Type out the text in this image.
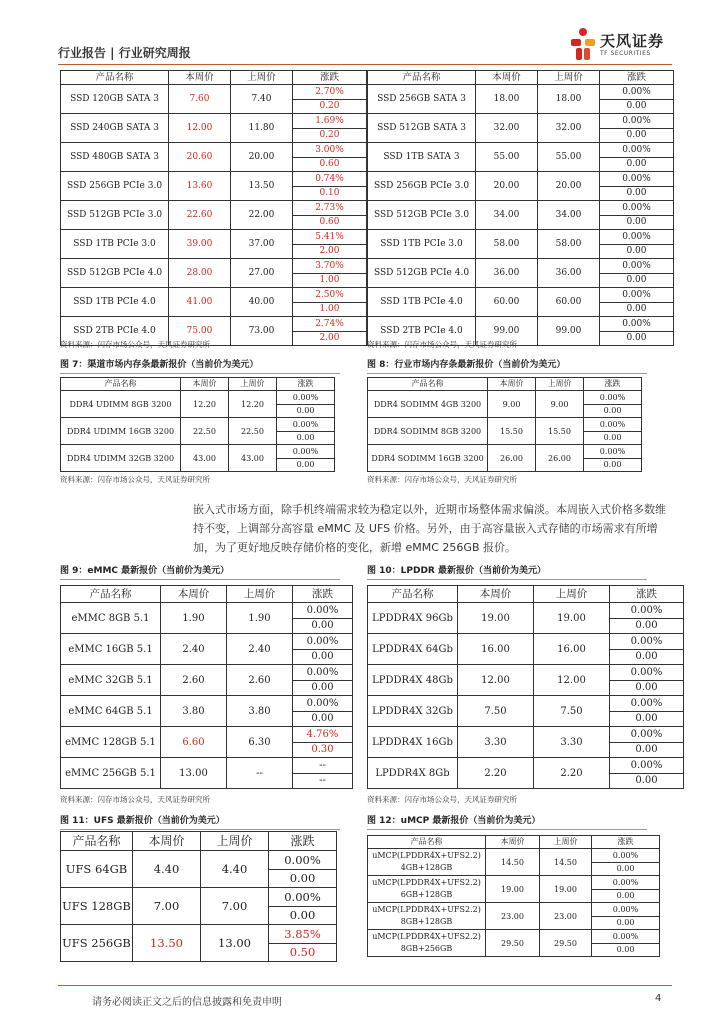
行业报告 | 行业研究周报
天风证券
TF SECURITIES
产品名称	本周价	上周价	涨跌
SSD 120GB SATA 3	7.60	7.40	2.70%
0.20

SSD 240GB SATA 3	12.00	11.80	1.69%
0.20

SSD 480GB SATA 3	20.60	20.00	3.00%
0.60

SSD 256GB PCIe 3.0	13.60	13.50	0.74%
0.10

SSD 512GB PCIe 3.0	22.60	22.00	2.73%
0.60

SSD 1TB PCIe 3.0	39.00	37.00	5.41%
2.00

SSD 512GB PCIe 4.0	28.00	27.00	3.70%
1.00

SSD 1TB PCIe 4.0	41.00	40.00	2.50%
1.00

SSD 2TB PCIe 4.0	75.00	73.00	2.74%
2.00
资料来源：闪存市场公众号，天风证券研究所
产品名称	本周价	上周价	涨跌
SSD 256GB SATA 3	18.00	18.00	0.00%
0.00

SSD 512GB SATA 3	32.00	32.00	0.00%
0.00

SSD 1TB SATA 3	55.00	55.00	0.00%
0.00

SSD 256GB PCIe 3.0	20.00	20.00	0.00%
0.00

SSD 512GB PCIe 3.0	34.00	34.00	0.00%
0.00

SSD 1TB PCIe 3.0	58.00	58.00	0.00%
0.00

SSD 512GB PCIe 4.0	36.00	36.00	0.00%
0.00

SSD 1TB PCIe 4.0	60.00	60.00	0.00%
0.00

SSD 2TB PCIe 4.0	99.00	99.00	0.00%
0.00
资料来源：闪存市场公众号，天风证券研究所
图 7：渠道市场内存条最新报价（当前价为美元）
产品名称	本周价	上周价	涨跌
DDR4 UDIMM 8GB 3200	12.20	12.20	0.00%
0.00

DDR4 UDIMM 16GB 3200	22.50	22.50	0.00%
0.00

DDR4 UDIMM 32GB 3200	43.00	43.00	0.00%
0.00
资料来源：闪存市场公众号，天风证券研究所
图 8：行业市场内存条最新报价（当前价为美元）
产品名称	本周价	上周价	涨跌
DDR4 SODIMM 4GB 3200	9.00	9.00	0.00%
0.00

DDR4 SODIMM 8GB 3200	15.50	15.50	0.00%
0.00

DDR4 SODIMM 16GB 3200	26.00	26.00	0.00%
0.00
资料来源：闪存市场公众号，天风证券研究所
嵌入式市场方面，除手机终端需求较为稳定以外，近期市场整体需求偏淡。本周嵌入式价格多数维持不变，上调部分高容量 eMMC 及 UFS 价格。另外，由于高容量嵌入式存储的市场需求有所增加，为了更好地反映存储价格的变化，新增 eMMC 256GB 报价。
图 9：eMMC 最新报价（当前价为美元）
产品名称	本周价	上周价	涨跌
eMMC 8GB 5.1	1.90	1.90	0.00%
0.00

eMMC 16GB 5.1	2.40	2.40	0.00%
0.00

eMMC 32GB 5.1	2.60	2.60	0.00%
0.00

eMMC 64GB 5.1	3.80	3.80	0.00%
0.00

eMMC 128GB 5.1	6.60	6.30	4.76%
0.30

eMMC 256GB 5.1	13.00	--	--
--
图 10：LPDDR 最新报价（当前价为美元）
产品名称	本周价	上周价	涨跌
LPDDR4X 96Gb	19.00	19.00	0.00%
0.00

LPDDR4X 64Gb	16.00	16.00	0.00%
0.00

LPDDR4X 48Gb	12.00	12.00	0.00%
0.00

LPDDR4X 32Gb	7.50	7.50	0.00%
0.00

LPDDR4X 16Gb	3.30	3.30	0.00%
0.00

LPDDR4X 8Gb	2.20	2.20	0.00%
0.00
资料来源：闪存市场公众号，天风证券研究所	资料来源：闪存市场公众号，天风证券研究所
图 11：UFS 最新报价（当前价为美元）
产品名称	本周价	上周价	涨跌
UFS 64GB	4.40	4.40	0.00%
0.00

UFS 128GB	7.00	7.00	0.00%
0.00

UFS 256GB	13.50	13.00	3.85%
0.50
图 12：uMCP 最新报价（当前价为美元）
产品名称	本周价	上周价	涨跌
uMCP(LPDDR4X+UFS2.2)
4GB+128GB	14.50	14.50	0.00%
0.00

uMCP(LPDDR4X+UFS2.2)
6GB+128GB	19.00	19.00	0.00%
0.00

uMCP(LPDDR4X+UFS2.2)
8GB+128GB	23.00	23.00	0.00%
0.00

uMCP(LPDDR4X+UFS2.2)
8GB+256GB	29.50	29.50	0.00%
0.00
请务必阅读正文之后的信息披露和免责申明	4
